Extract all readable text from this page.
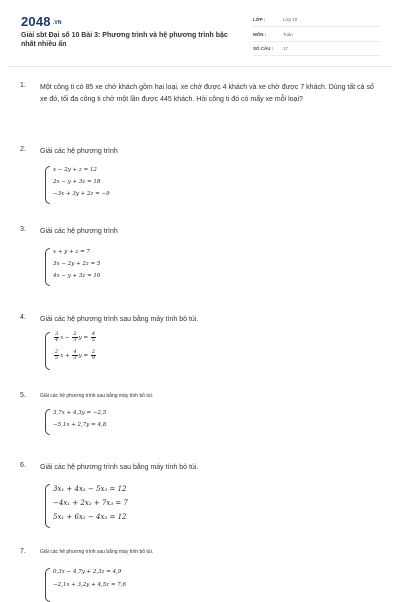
2048 .VN
Giải sbt Đại số 10 Bài 3: Phương trình và hệ phương trình bậc nhất nhiều ẩn
LỚP :	Lớp 10
MÔN :	Toán
SỐ CÂU : 17
1. Một công ti có 85 xe chở khách gồm hai loại, xe chở được 4 khách và xe chở được 7 khách. Dùng tất cả số xe đó, tối đa công ti chở một lần được 445 khách. Hỏi công ti đó có mấy xe mỗi loại?
2. Giải các hệ phương trình
x − 2y + z = 12
2x − y + 3z = 18
−3x + 3y + 2z = −9
3. Giải các hệ phương trình
x + y + z = 7
3x − 2y + 2z = 5
4x − y + 3z = 10
4. Giải các hệ phương trình sau bằng máy tính bỏ túi.
$\frac{3}{4}$ $x - \frac{2}{3}$ $y = \frac{4}{5}$
$\frac{2}{5}$ $x + \frac{4}{3}$ $y = \frac{2}{9}$
5.	Giải các hệ phương trình sau bằng máy tính bỏ túi.
3,7x + 4,3y = −2,5
−5,1x + 2,7y = 4,8
6. Giải các hệ phương trình sau bằng máy tính bỏ túi.
3x₁ + 4x₂ − 5x₃ = 12
−4x₁ + 2x₂ + 7x₃ = 7
5x₁ + 6x₂ − 4x₃ = 12
7.	Giải các hệ phương trình sau bằng máy tính bỏ túi.
0,3x − 4,7y + 2,3z = 4,9
−2,1x + 3,2y + 4,5z = 7,6
